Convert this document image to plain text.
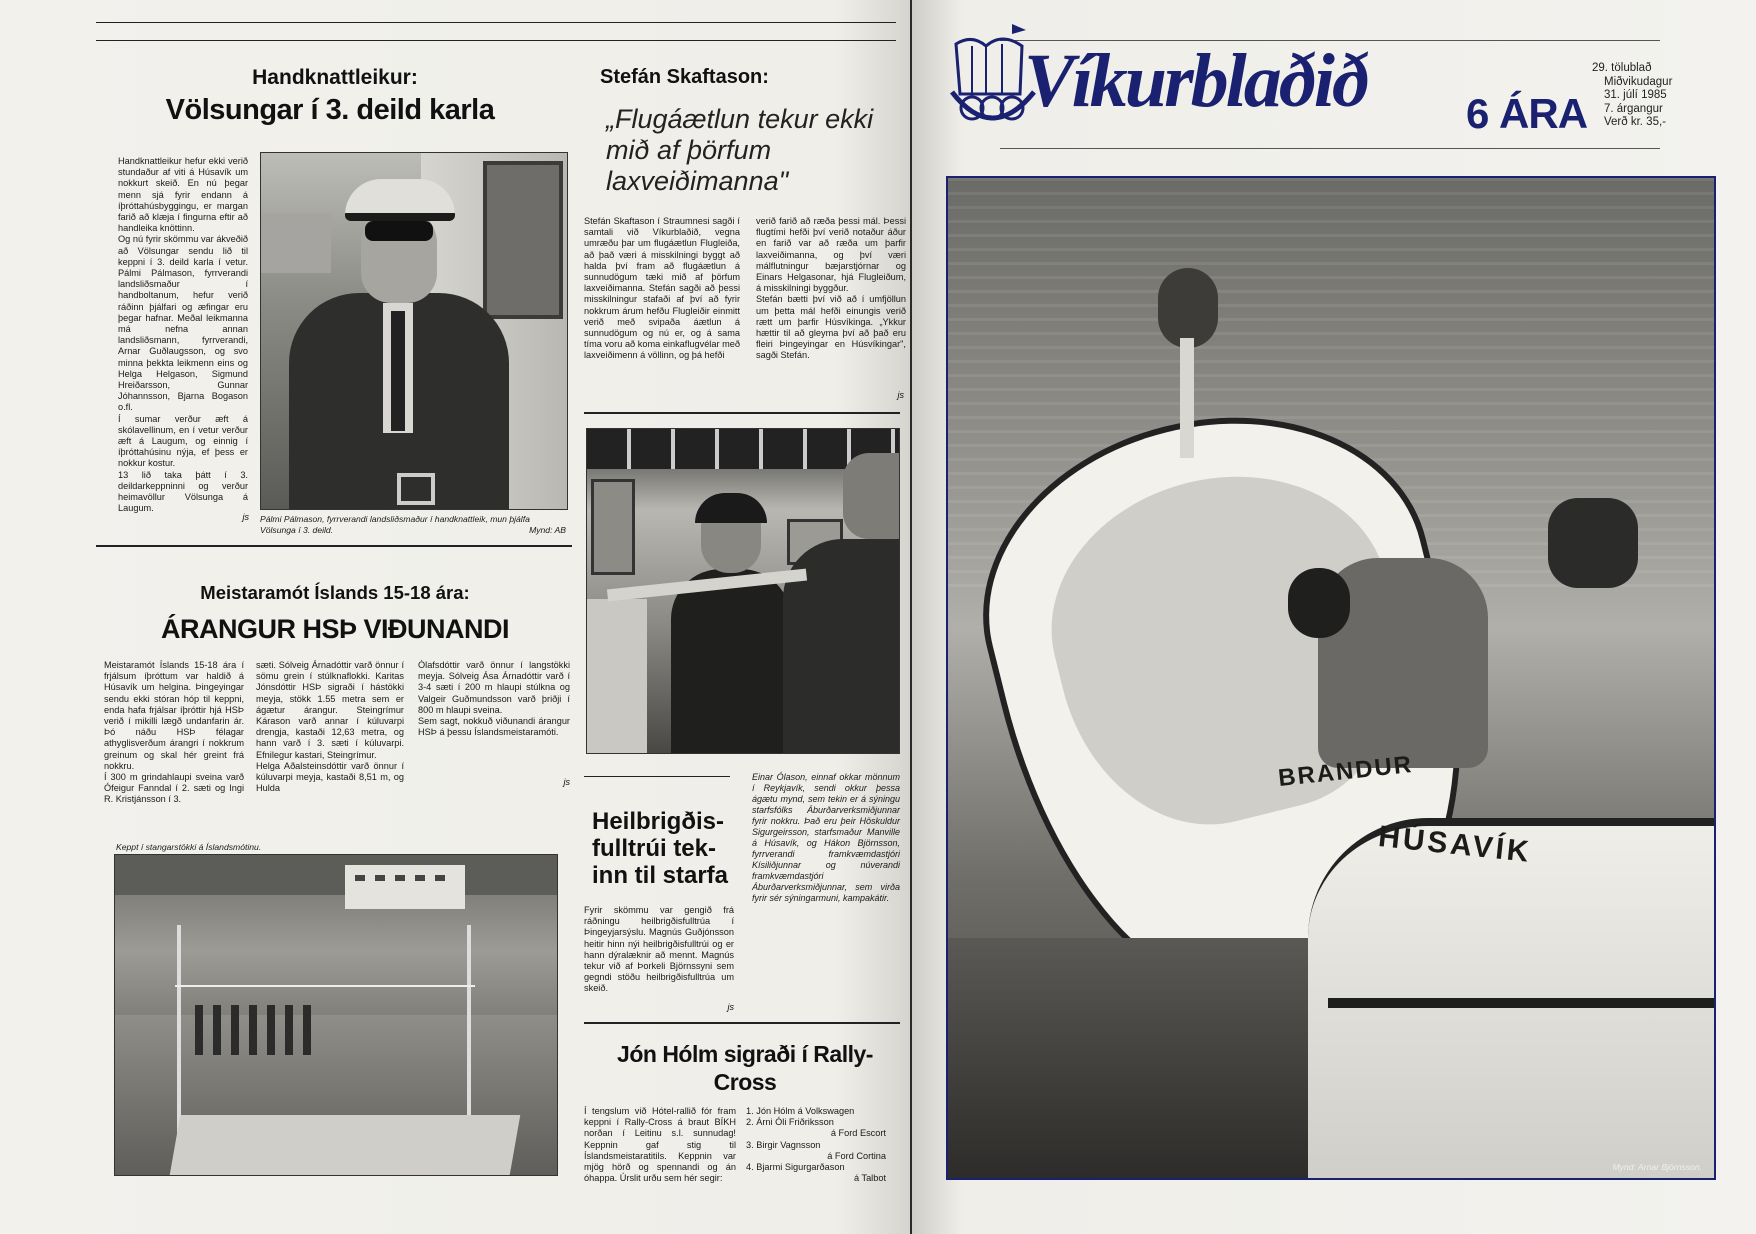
Handknattleikur:
Völsungar í 3. deild karla
Handknattleikur hefur ekki verið stundaður af viti á Húsavík um nokkurt skeið. En nú þegar menn sjá fyrir endann á íþróttahúsbyggingu, er margan farið að klæja í fingurna eftir að handleika knöttinn.
Og nú fyrir skömmu var ákveðið að Völsungar sendu lið til keppni í 3. deild karla í vetur. Pálmi Pálmason, fyrrverandi landsliðsmaður í handboltanum, hefur verið ráðinn þjálfari og æfingar eru þegar hafnar. Meðal leikmanna má nefna annan landsliðsmann, fyrrverandi, Arnar Guðlaugsson, og svo minna þekkta leikmenn eins og Helga Helgason, Sigmund Hreiðarsson, Gunnar Jóhannsson, Bjarna Bogason o.fl.
Í sumar verður æft á skólavellinum, en í vetur verður æft á Laugum, og einnig í íþróttahúsinu nýja, ef þess er nokkur kostur.
13 lið taka þátt í 3. deildarkeppninni og verður heimavöllur Völsunga á Laugum.
js Pálmi Pálmason, fyrrverandi landsliðsmaður í handknattleik, mun þjálfa Völsunga í 3. deild.	Mynd: AB
Meistaramót Íslands 15-18 ára:
ÁRANGUR HSÞ VIÐUNANDI
Meistaramót Íslands 15-18 ára í frjálsum íþróttum var haldið á Húsavík um helgina. Þingeyingar sendu ekki stóran hóp til keppni, enda hafa frjálsar íþróttir hjá HSÞ verið í mikilli lægð undanfarin ár. Þó náðu HSÞ félagar athyglisverðum árangri í nokkrum greinum og skal hér greint frá nokkru.
Í 300 m grindahlaupi sveina varð Ófeigur Fanndal í 2. sæti og Ingi R. Kristjánsson í 3.
sæti. Sólveig Árnadóttir varð önnur í sömu grein í stúlknaflokki. Karitas Jónsdóttir HSÞ sigraði í hástökki meyja, stökk 1.55 metra sem er ágætur árangur. Steingrímur Kárason varð annar í kúluvarpi drengja, kastaði 12,63 metra, og hann varð í 3. sæti í kúluvarpi. Efnilegur kastari, Steingrímur.
Helga Aðalsteinsdóttir varð önnur í kúluvarpi meyja, kastaði 8,51 m, og Hulda
Ólafsdóttir varð önnur í langstökki meyja. Sólveig Ása Árnadóttir varð í 3-4 sæti í 200 m hlaupi stúlkna og Valgeir Guðmundsson varð þriðji í 800 m hlaupi sveina.
Sem sagt, nokkuð viðunandi árangur HSÞ á þessu Íslandsmeistaramóti.
js
Keppt í stangarstökki á Íslandsmótinu.
Stefán Skaftason:
„Flugáætlun tekur ekki mið af þörfum laxveiðimanna"
Stefán Skaftason í Straumnesi sagði í samtali við Víkurblaðið, vegna umræðu þar um flugáætlun Flugleiða, að það væri á misskilningi byggt að halda því fram að flugáætlun á sunnudögum tæki mið af þörfum laxveiðimanna. Stefán sagði að þessi misskilningur stafaði af því að fyrir nokkrum árum hefðu Flugleiðir einmitt verið með svipaða áætlun á sunnudögum og nú er, og á sama tíma voru að koma einkaflugvélar með laxveiðimenn á völlinn, og þá hefði
verið farið að ræða þessi mál. Þessi flugtími hefði því verið notaður áður en farið var að ræða um þarfir laxveiðimanna, og því væri málflutningur bæjarstjórnar og Einars Helgasonar, hjá Flugleiðum, á misskilningi byggður.
Stefán bætti því við að í umfjöllun um þetta mál hefði einungis verið rætt um þarfir Húsvíkinga. „Ykkur hættir til að gleyma því að það eru fleiri Þingeyingar en Húsvíkingar", sagði Stefán.
js
Einar Ólason, einnaf okkar mönnum í Reykjavík, sendi okkur þessa ágætu mynd, sem tekin er á sýningu starfsfólks Áburðarverksmiðjunnar fyrir nokkru. Það eru þeir Höskuldur Sigurgeirsson, starfsmaður Manville á Húsavík, og Hákon Björnsson, fyrrverandi framkvæmdastjóri Kísiliðjunnar og núverandi framkvæmdastjóri Áburðarverksmiðjunnar, sem virða fyrir sér sýningarmuni, kampakátir.
Heilbrigðis- fulltrúi tek- inn til starfa
Fyrir skömmu var gengið frá ráðningu heilbrigðisfulltrúa í Þingeyjarsýslu. Magnús Guðjónsson heitir hinn nýi heilbrigðisfulltrúi og er hann dýralæknir að mennt. Magnús tekur við af Þorkeli Björnssyni sem gegndi stöðu heilbrigðisfulltrúa um skeið.
js
Jón Hólm sigraði í Rally-Cross
Í tengslum við Hótel-rallið fór fram keppni í Rally-Cross á braut BÍKH norðan í Leitinu s.l. sunnudag! Keppnin gaf stig til Íslandsmeistaratitils. Keppnin var mjög hörð og spennandi og án óhappa. Úrslit urðu sem hér segir:
1. Jón Hólm á Volkswagen
2. Árni Óli Friðriksson
á Ford Escort
3. Birgir Vagnsson
á Ford Cortina
4. Bjarmi Sigurgarðason
á Talbot
Víkurblaðið	6 ÁRA
29. tölublað
Miðvikudagur
31. júlí 1985
7. árgangur
Verð kr. 35,-
BRANDUR
HÚSAVÍK
Mynd: Arnar Björnsson.
